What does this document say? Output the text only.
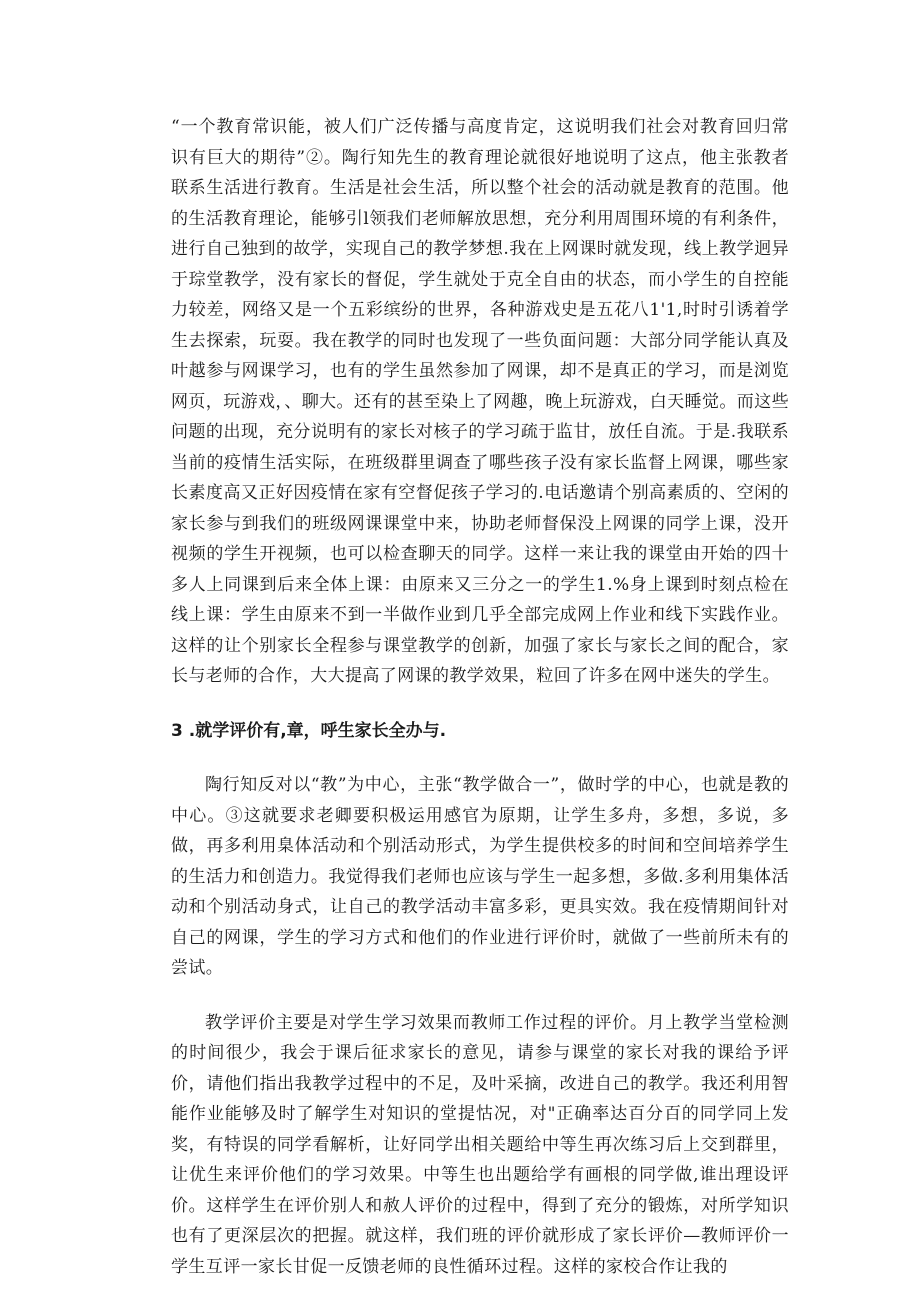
“一个教育常识能，被人们广泛传播与高度肯定，这说明我们社会对教育回归常识有巨大的期待”②。陶行知先生的教育理论就很好地说明了这点，他主张教者联系生活进行教育。生活是社会生活，所以整个社会的活动就是教育的范围。他的生活教育理论，能够引l领我们老师解放思想，充分利用周围环境的有利条件，进行自己独到的故学，实现自己的教学梦想.我在上网课时就发现，线上教学迥异于琮堂教学，没有家长的督促，学生就处于克全自由的状态，而小学生的自控能力较差，网络又是一个五彩缤纷的世界，各种游戏史是五花八1'1,时时引诱着学生去探索，玩耍。我在教学的同时也发现了一些负面问题：大部分同学能认真及叶越参与网课学习，也有的学生虽然参加了网课，却不是真正的学习，而是浏览网页，玩游戏，、聊大。还有的甚至染上了网趣，晚上玩游戏，白天睡觉。而这些问题的出现，充分说明有的家长对核子的学习疏于监甘，放任自流。于是.我联系当前的疫情生活实际，在班级群里调查了哪些孩子没有家长监督上网课，哪些家长素度高又正好因疫情在家有空督促孩子学习的.电话邀请个别高素质的、空闲的家长参与到我们的班级网课课堂中来，协助老师督保没上网课的同学上课，没开视频的学生开视频，也可以检查聊天的同学。这样一来让我的课堂由开始的四十多人上同课到后来全体上课：由原来又三分之一的学生1.%身上课到时刻点检在线上课：学生由原来不到一半做作业到几乎全部完成网上作业和线下实践作业。这样的让个别家长全程参与课堂教学的创新，加强了家长与家长之间的配合，家长与老师的合作，大大提高了网课的教学效果，粒回了许多在网中迷失的学生。

3 .就学评价有,章，呼生家长全办与.

陶行知反对以“教”为中心，主张“教学做合一”，做时学的中心，也就是教的中心。③这就要求老卿要积极运用感官为原期，让学生多舟，多想，多说，多做，再多利用臬体活动和个别活动形式，为学生提供校多的时间和空间培养学生的生活力和创造力。我觉得我们老师也应该与学生一起多想，多做.多利用集体活动和个别活动身式，让自己的教学活动丰富多彩，更具实效。我在疫情期间针对自己的网课，学生的学习方式和他们的作业进行评价时，就做了一些前所未有的尝试。

教学评价主要是对学生学习效果而教师工作过程的评价。月上教学当堂检测的时间很少，我会于课后征求家长的意见，请参与课堂的家长对我的课给予评价，请他们指出我教学过程中的不足，及叶采摘，改进自己的教学。我还利用智能作业能够及时了解学生对知识的堂提怙况，对"正确率达百分百的同学同上发奖，有特误的同学看解析，让好同学出相关题给中等生再次练习后上交到群里，让优生来评价他们的学习效果。中等生也出题给学有画根的同学做,谁出理设评价。这样学生在评价别人和赦人评价的过程中，得到了充分的锻炼，对所学知识也有了更深层次的把握。就这样，我们班的评价就形成了家长评价—教师评价一学生互评一家长甘促一反馈老师的良性循环过程。这样的家校合作让我的
